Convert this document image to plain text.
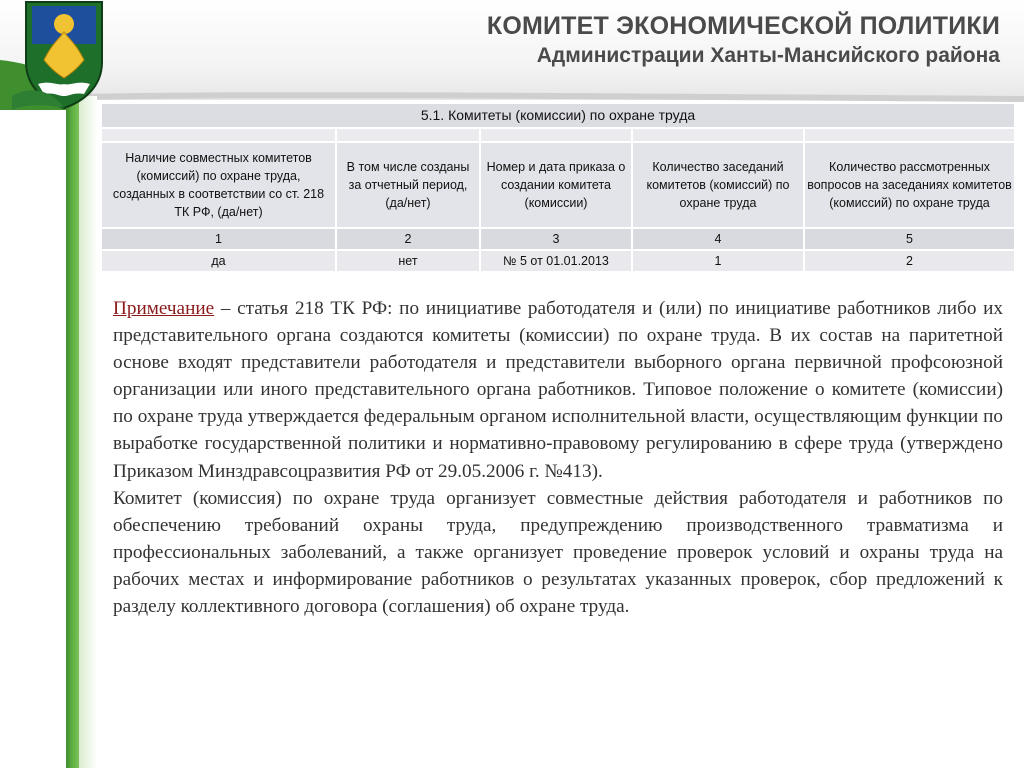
КОМИТЕТ ЭКОНОМИЧЕСКОЙ ПОЛИТИКИ
Администрации Ханты-Мансийского района
5.1. Комитеты (комиссии) по охране труда				

Наличие совместных комитетов (комиссий) по охране труда, созданных в соответствии со ст. 218 ТК РФ, (да/нет)	В том числе созданы за отчетный период, (да/нет)	Номер и дата приказа о создании комитета (комиссии)	Количество заседаний комитетов (комиссий) по охране труда	Количество рассмотренных вопросов на заседаниях комитетов (комиссий) по охране труда
1	2	3	4	5
да	нет	№ 5 от 01.01.2013	1	2

Примечание – статья 218 ТК РФ: по инициативе работодателя и (или) по инициативе работников либо их представительного органа создаются комитеты (комиссии) по охране труда. В их состав на паритетной основе входят представители работодателя и представители выборного органа первичной профсоюзной организации или иного представительного органа работников. Типовое положение о комитете (комиссии) по охране труда утверждается федеральным органом исполнительной власти, осуществляющим функции по выработке государственной политики и нормативно-правовому регулированию в сфере труда (утверждено Приказом Минздравсоцразвития РФ от 29.05.2006 г. №413).

Комитет (комиссия) по охране труда организует совместные действия работодателя и работников по обеспечению требований охраны труда, предупреждению производственного травматизма и профессиональных заболеваний, а также организует проведение проверок условий и охраны труда на рабочих местах и информирование работников о результатах указанных проверок, сбор предложений к разделу коллективного договора (соглашения) об охране труда.
